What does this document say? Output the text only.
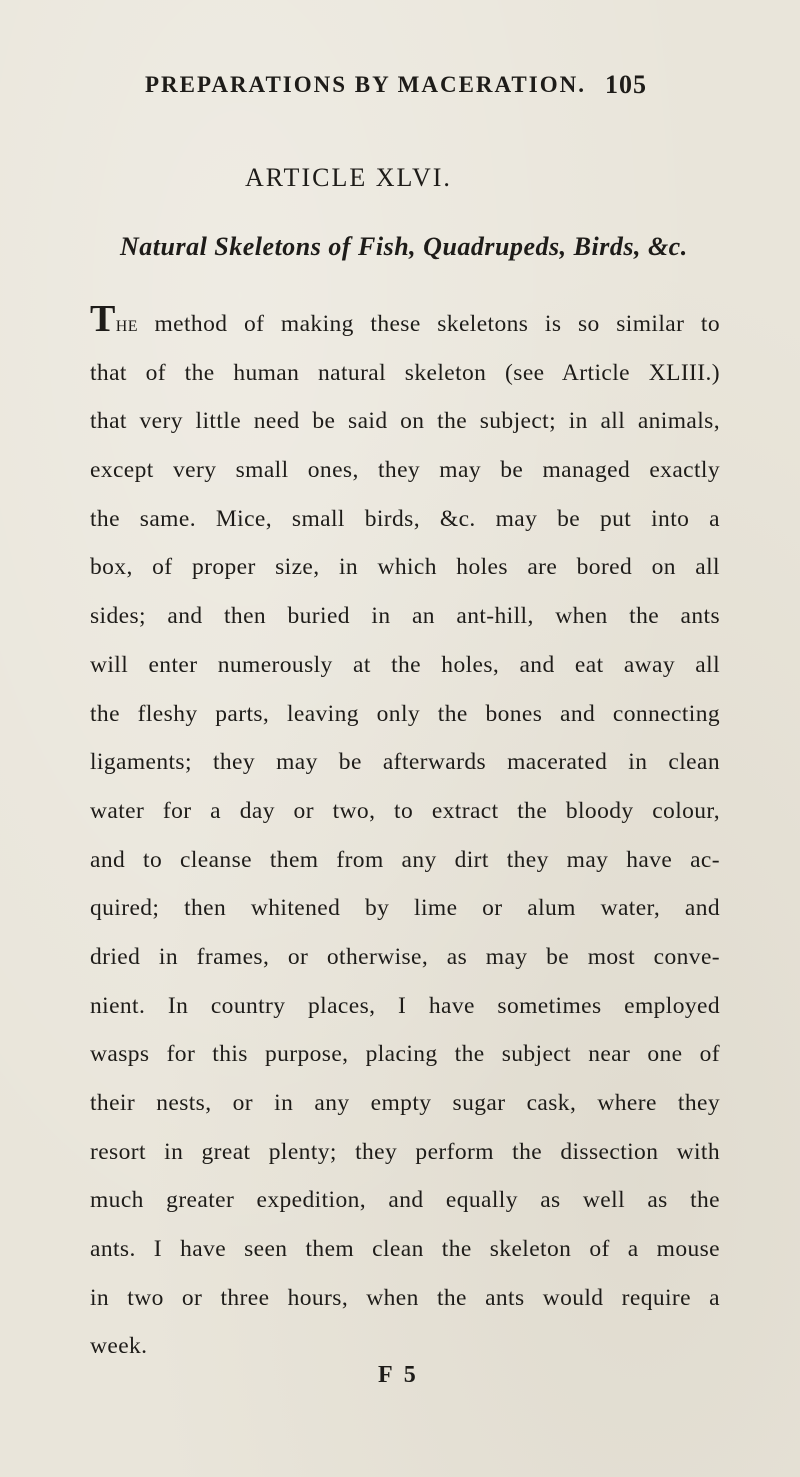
PREPARATIONS BY MACERATION. 105
ARTICLE XLVI.
Natural Skeletons of Fish, Quadrupeds, Birds, &c.
The method of making these skeletons is so similar to
that of the human natural skeleton (see Article XLIII.)
that very little need be said on the subject; in all animals,
except very small ones, they may be managed exactly
the same. Mice, small birds, &c. may be put into a
box, of proper size, in which holes are bored on all
sides; and then buried in an ant-hill, when the ants
will enter numerously at the holes, and eat away all
the fleshy parts, leaving only the bones and connecting
ligaments; they may be afterwards macerated in clean
water for a day or two, to extract the bloody colour,
and to cleanse them from any dirt they may have ac-
quired; then whitened by lime or alum water, and
dried in frames, or otherwise, as may be most conve-
nient. In country places, I have sometimes employed
wasps for this purpose, placing the subject near one of
their nests, or in any empty sugar cask, where they
resort in great plenty; they perform the dissection with
much greater expedition, and equally as well as the
ants. I have seen them clean the skeleton of a mouse
in two or three hours, when the ants would require a
week.
F 5
